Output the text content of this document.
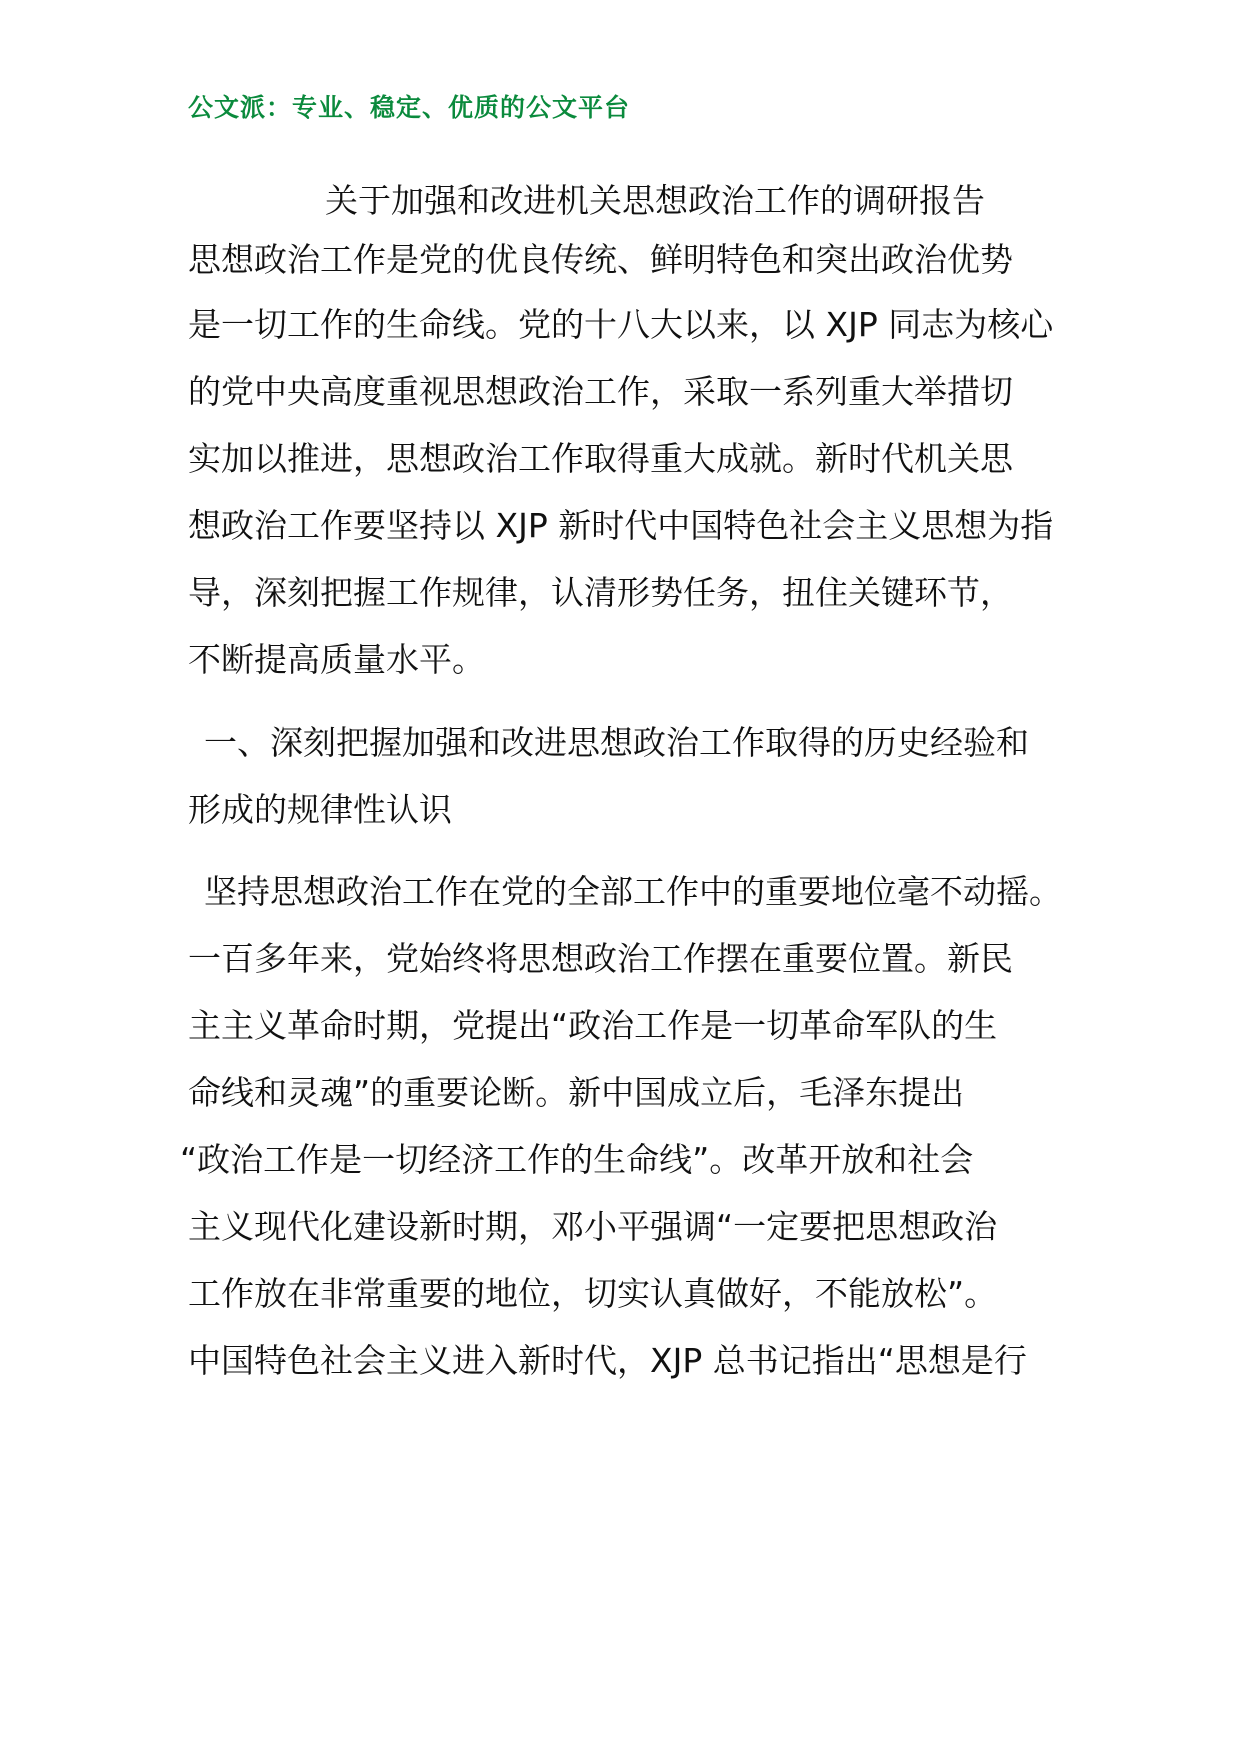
公文派：专业、稳定、优质的公文平台
关于加强和改进机关思想政治工作的调研报告
思想政治工作是党的优良传统、鲜明特色和突出政治优势
是一切工作的生命线。党的十八大以来，以 XJP 同志为核心
的党中央高度重视思想政治工作，采取一系列重大举措切
实加以推进，思想政治工作取得重大成就。新时代机关思
想政治工作要坚持以 XJP 新时代中国特色社会主义思想为指
导，深刻把握工作规律，认清形势任务，扭住关键环节，
不断提高质量水平。
一、深刻把握加强和改进思想政治工作取得的历史经验和
形成的规律性认识
坚持思想政治工作在党的全部工作中的重要地位毫不动摇。
一百多年来，党始终将思想政治工作摆在重要位置。新民
主主义革命时期，党提出“政治工作是一切革命军队的生
命线和灵魂”的重要论断。新中国成立后，毛泽东提出
“政治工作是一切经济工作的生命线”。改革开放和社会
主义现代化建设新时期，邓小平强调“一定要把思想政治
工作放在非常重要的地位，切实认真做好，不能放松”。
中国特色社会主义进入新时代，XJP 总书记指出“思想是行
